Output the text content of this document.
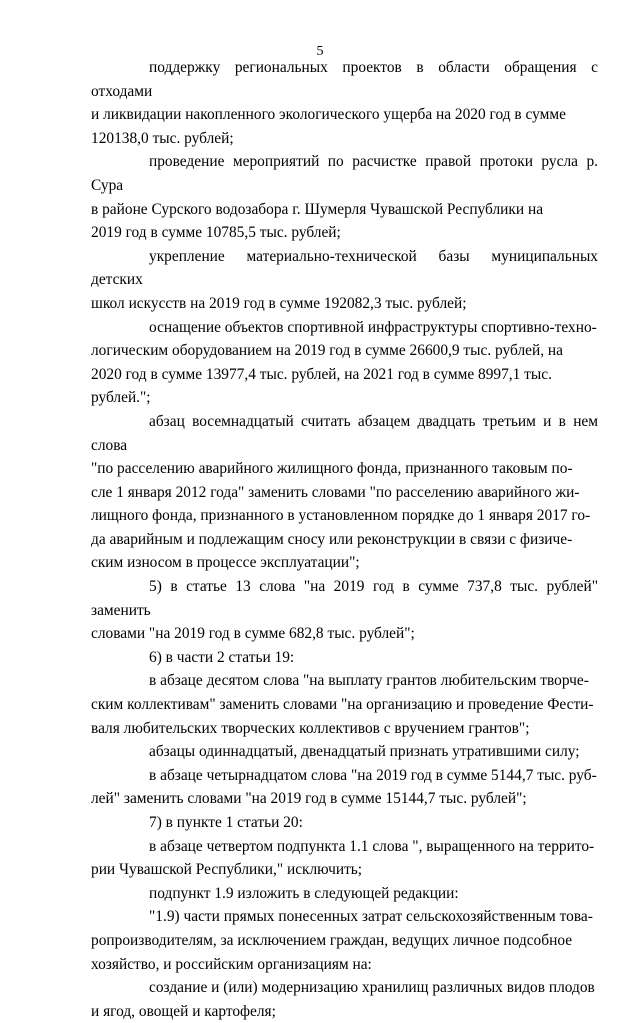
5

поддержку региональных проектов в области обращения с отходами
и ликвидации накопленного экологического ущерба на 2020 год в сумме
120138,0 тыс. рублей;

проведение мероприятий по расчистке правой протоки русла р. Сура
в районе Сурского водозабора г. Шумерля Чувашской Республики на
2019 год в сумме 10785,5 тыс. рублей;

укрепление материально-технической базы муниципальных детских
школ искусств на 2019 год в сумме 192082,3 тыс. рублей;

оснащение объектов спортивной инфраструктуры спортивно-техно-
логическим оборудованием на 2019 год в сумме 26600,9 тыс. рублей, на
2020 год в сумме 13977,4 тыс. рублей, на 2021 год в сумме 8997,1 тыс.
рублей.";

абзац восемнадцатый считать абзацем двадцать третьим и в нем слова
"по расселению аварийного жилищного фонда, признанного таковым по-
сле 1 января 2012 года" заменить словами "по расселению аварийного жи-
лищного фонда, признанного в установленном порядке до 1 января 2017 го-
да аварийным и подлежащим сносу или реконструкции в связи с физиче-
ским износом в процессе эксплуатации";

5) в статье 13 слова "на 2019 год в сумме 737,8 тыс. рублей" заменить
словами "на 2019 год в сумме 682,8 тыс. рублей";

6) в части 2 статьи 19:

в абзаце десятом слова "на выплату грантов любительским творче-
ским коллективам" заменить словами "на организацию и проведение Фести-
валя любительских творческих коллективов с вручением грантов";

абзацы одиннадцатый, двенадцатый признать утратившими силу;

в абзаце четырнадцатом слова "на 2019 год в сумме 5144,7 тыс. руб-
лей" заменить словами "на 2019 год в сумме 15144,7 тыс. рублей";

7) в пункте 1 статьи 20:

в абзаце четвертом подпункта 1.1 слова ", выращенного на террито-
рии Чувашской Республики," исключить;

подпункт 1.9 изложить в следующей редакции:

"1.9) части прямых понесенных затрат сельскохозяйственным това-
ропроизводителям, за исключением граждан, ведущих личное подсобное
хозяйство, и российским организациям на:

создание и (или) модернизацию хранилищ различных видов плодов
и ягод, овощей и картофеля;
